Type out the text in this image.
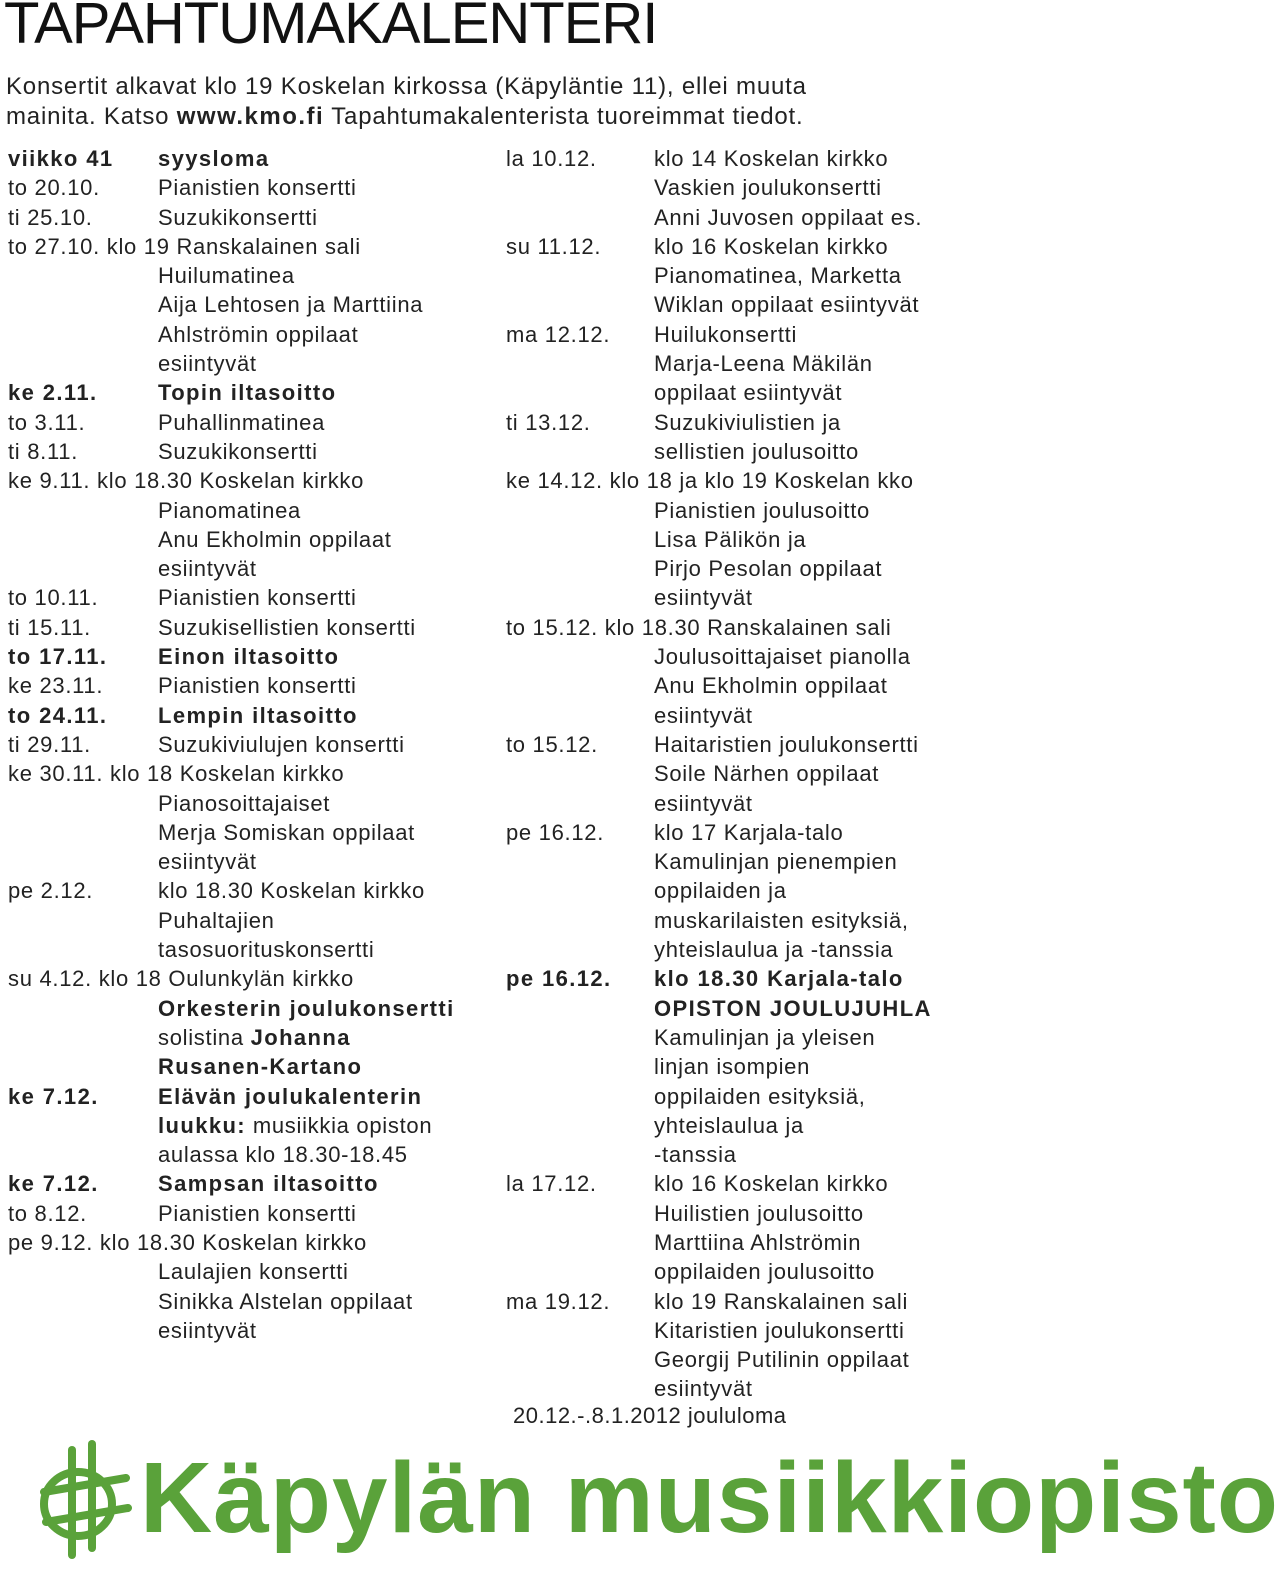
TAPAHTUMAKALENTERI
Konsertit alkavat klo 19 Koskelan kirkossa (Käpyläntie 11), ellei muuta
mainita. Katso www.kmo.fi Tapahtumakalenterista tuoreimmat tiedot.
viikko 41	syysloma
to 20.10.	Pianistien konsertti
ti 25.10.	Suzukikonsertti
to 27.10. klo 19 Ranskalainen sali
Huilumatinea
Aija Lehtosen ja Marttiina
Ahlströmin oppilaat
esiintyvät
ke 2.11.	Topin iltasoitto
to 3.11.	Puhallinmatinea
ti 8.11.	Suzukikonsertti
ke 9.11. klo 18.30 Koskelan kirkko
Pianomatinea
Anu Ekholmin oppilaat
esiintyvät
to 10.11.	Pianistien konsertti
ti 15.11.	Suzukisellistien konsertti
to 17.11.	Einon iltasoitto
ke 23.11.	Pianistien konsertti
to 24.11.	Lempin iltasoitto
ti 29.11.	Suzukiviulujen konsertti
ke 30.11. klo 18 Koskelan kirkko
Pianosoittajaiset
Merja Somiskan oppilaat
esiintyvät
pe 2.12.	klo 18.30 Koskelan kirkko
Puhaltajien
tasosuorituskonsertti
su 4.12. klo 18 Oulunkylän kirkko
Orkesterin joulukonsertti
solistina Johanna
Rusanen-Kartano
ke 7.12.	Elävän joulukalenterin
luukku: musiikkia opiston
aulassa klo 18.30-18.45
ke 7.12.	Sampsan iltasoitto
to 8.12.	Pianistien konsertti
pe 9.12. klo 18.30 Koskelan kirkko
Laulajien konsertti
Sinikka Alstelan oppilaat
esiintyvät
la 10.12.	klo 14 Koskelan kirkko
Vaskien joulukonsertti
Anni Juvosen oppilaat es.
su 11.12.	klo 16 Koskelan kirkko
Pianomatinea, Marketta
Wiklan oppilaat esiintyvät
ma 12.12.	Huilukonsertti
Marja-Leena Mäkilän
oppilaat esiintyvät
ti 13.12.	Suzukiviulistien ja
sellistien joulusoitto
ke 14.12. klo 18 ja klo 19 Koskelan kko
Pianistien joulusoitto
Lisa Pälikön ja
Pirjo Pesolan oppilaat
esiintyvät
to 15.12. klo 18.30 Ranskalainen sali
Joulusoittajaiset pianolla
Anu Ekholmin oppilaat
esiintyvät
to 15.12.	Haitaristien joulukonsertti
Soile Närhen oppilaat
esiintyvät
pe 16.12.	klo 17 Karjala-talo
Kamulinjan pienempien
oppilaiden ja
muskarilaisten esityksiä,
yhteislaulua ja -tanssia
pe 16.12.	klo 18.30 Karjala-talo
OPISTON JOULUJUHLA
Kamulinjan ja yleisen
linjan isompien
oppilaiden esityksiä,
yhteislaulua ja
-tanssia
la 17.12.	klo 16 Koskelan kirkko
Huilistien joulusoitto
Marttiina Ahlströmin
oppilaiden joulusoitto
ma 19.12.	klo 19 Ranskalainen sali
Kitaristien joulukonsertti
Georgij Putilinin oppilaat
esiintyvät
20.12.-.8.1.2012 joululoma
Käpylän musiikkiopisto
